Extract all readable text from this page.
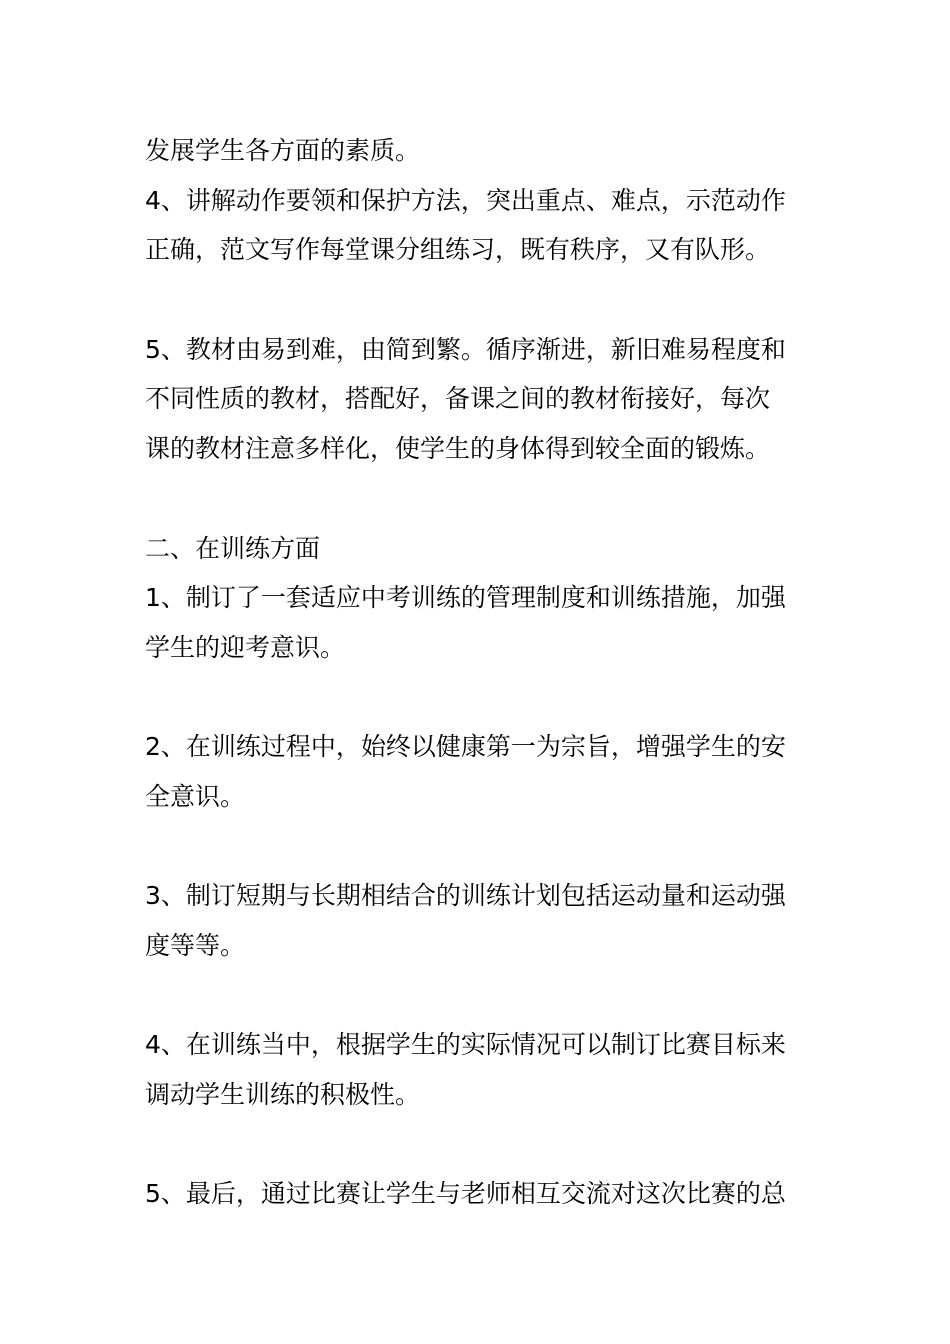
发展学生各方面的素质。
4、讲解动作要领和保护方法，突出重点、难点，示范动作
正确，范文写作每堂课分组练习，既有秩序，又有队形。
5、教材由易到难，由简到繁。循序渐进，新旧难易程度和
不同性质的教材，搭配好，备课之间的教材衔接好，每次
课的教材注意多样化，使学生的身体得到较全面的锻炼。
二、在训练方面
1、制订了一套适应中考训练的管理制度和训练措施，加强
学生的迎考意识。
2、在训练过程中，始终以健康第一为宗旨，增强学生的安
全意识。
3、制订短期与长期相结合的训练计划包括运动量和运动强
度等等。
4、在训练当中，根据学生的实际情况可以制订比赛目标来
调动学生训练的积极性。
5、最后，通过比赛让学生与老师相互交流对这次比赛的总
